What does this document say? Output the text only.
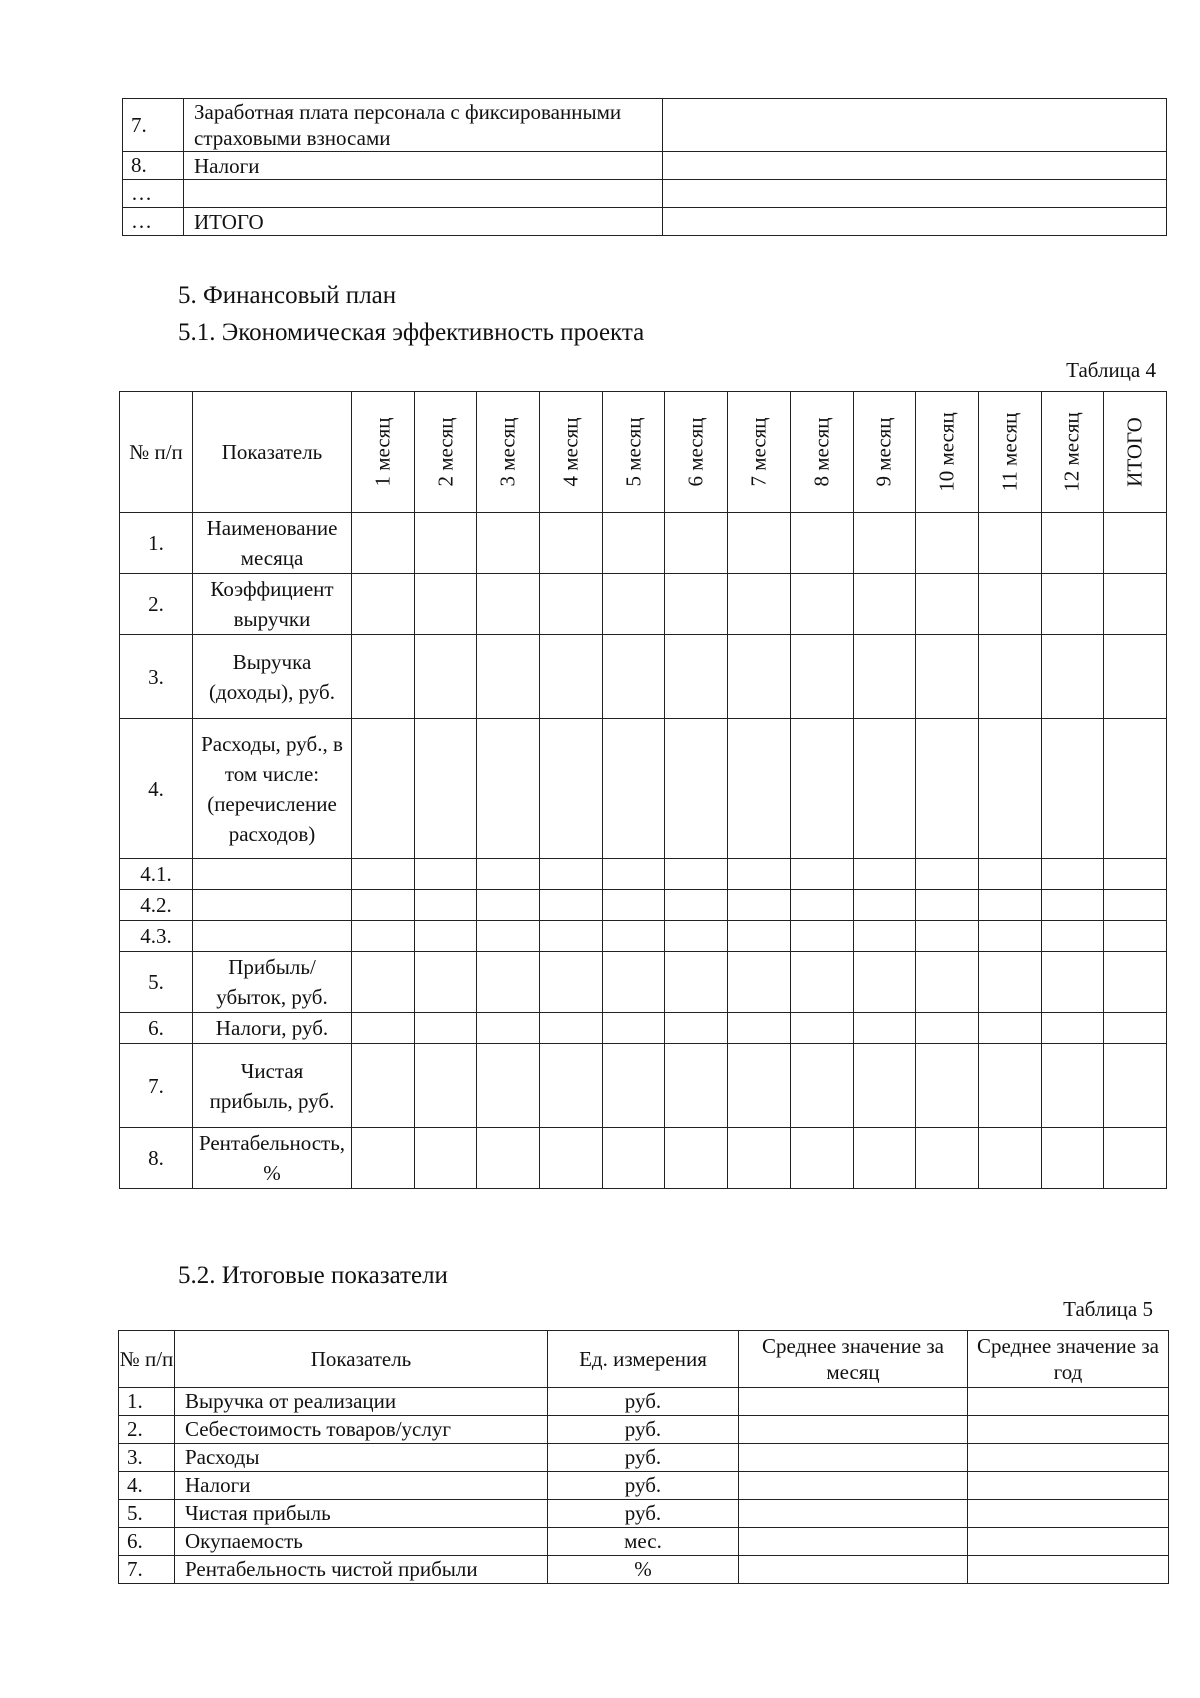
7.	Заработная плата персонала с фиксированными страховыми взносами	
8.	Налоги	
…		
…	ИТОГО	
5. Финансовый план
5.1. Экономическая эффективность проекта
Таблица 4
№ п/п	Показатель	1 месяц	2 месяц	3 месяц	4 месяц	5 месяц	6 месяц	7 месяц	8 месяц	9 месяц	10 месяц	11 месяц	12 месяц	ИТОГО

1.	Наименование месяца													
2.	Коэффициент выручки													
3.	Выручка (доходы), руб.													
4.	Расходы, руб., в том числе: (перечисление расходов)													
4.1.														
4.2.														
4.3.														
5.	Прибыль/ убыток, руб.													
6.	Налоги, руб.													
7.	Чистая прибыль, руб.													
8.	Рентабельность, %													
5.2. Итоговые показатели
Таблица 5
№ п/п	Показатель	Ед. измерения	Среднее значение за месяц	Среднее значение за год
1.	Выручка от реализации	руб.		
2.	Себестоимость товаров/услуг	руб.		
3.	Расходы	руб.		
4.	Налоги	руб.		
5.	Чистая прибыль	руб.		
6.	Окупаемость	мес.		
7.	Рентабельность чистой прибыли	%		
